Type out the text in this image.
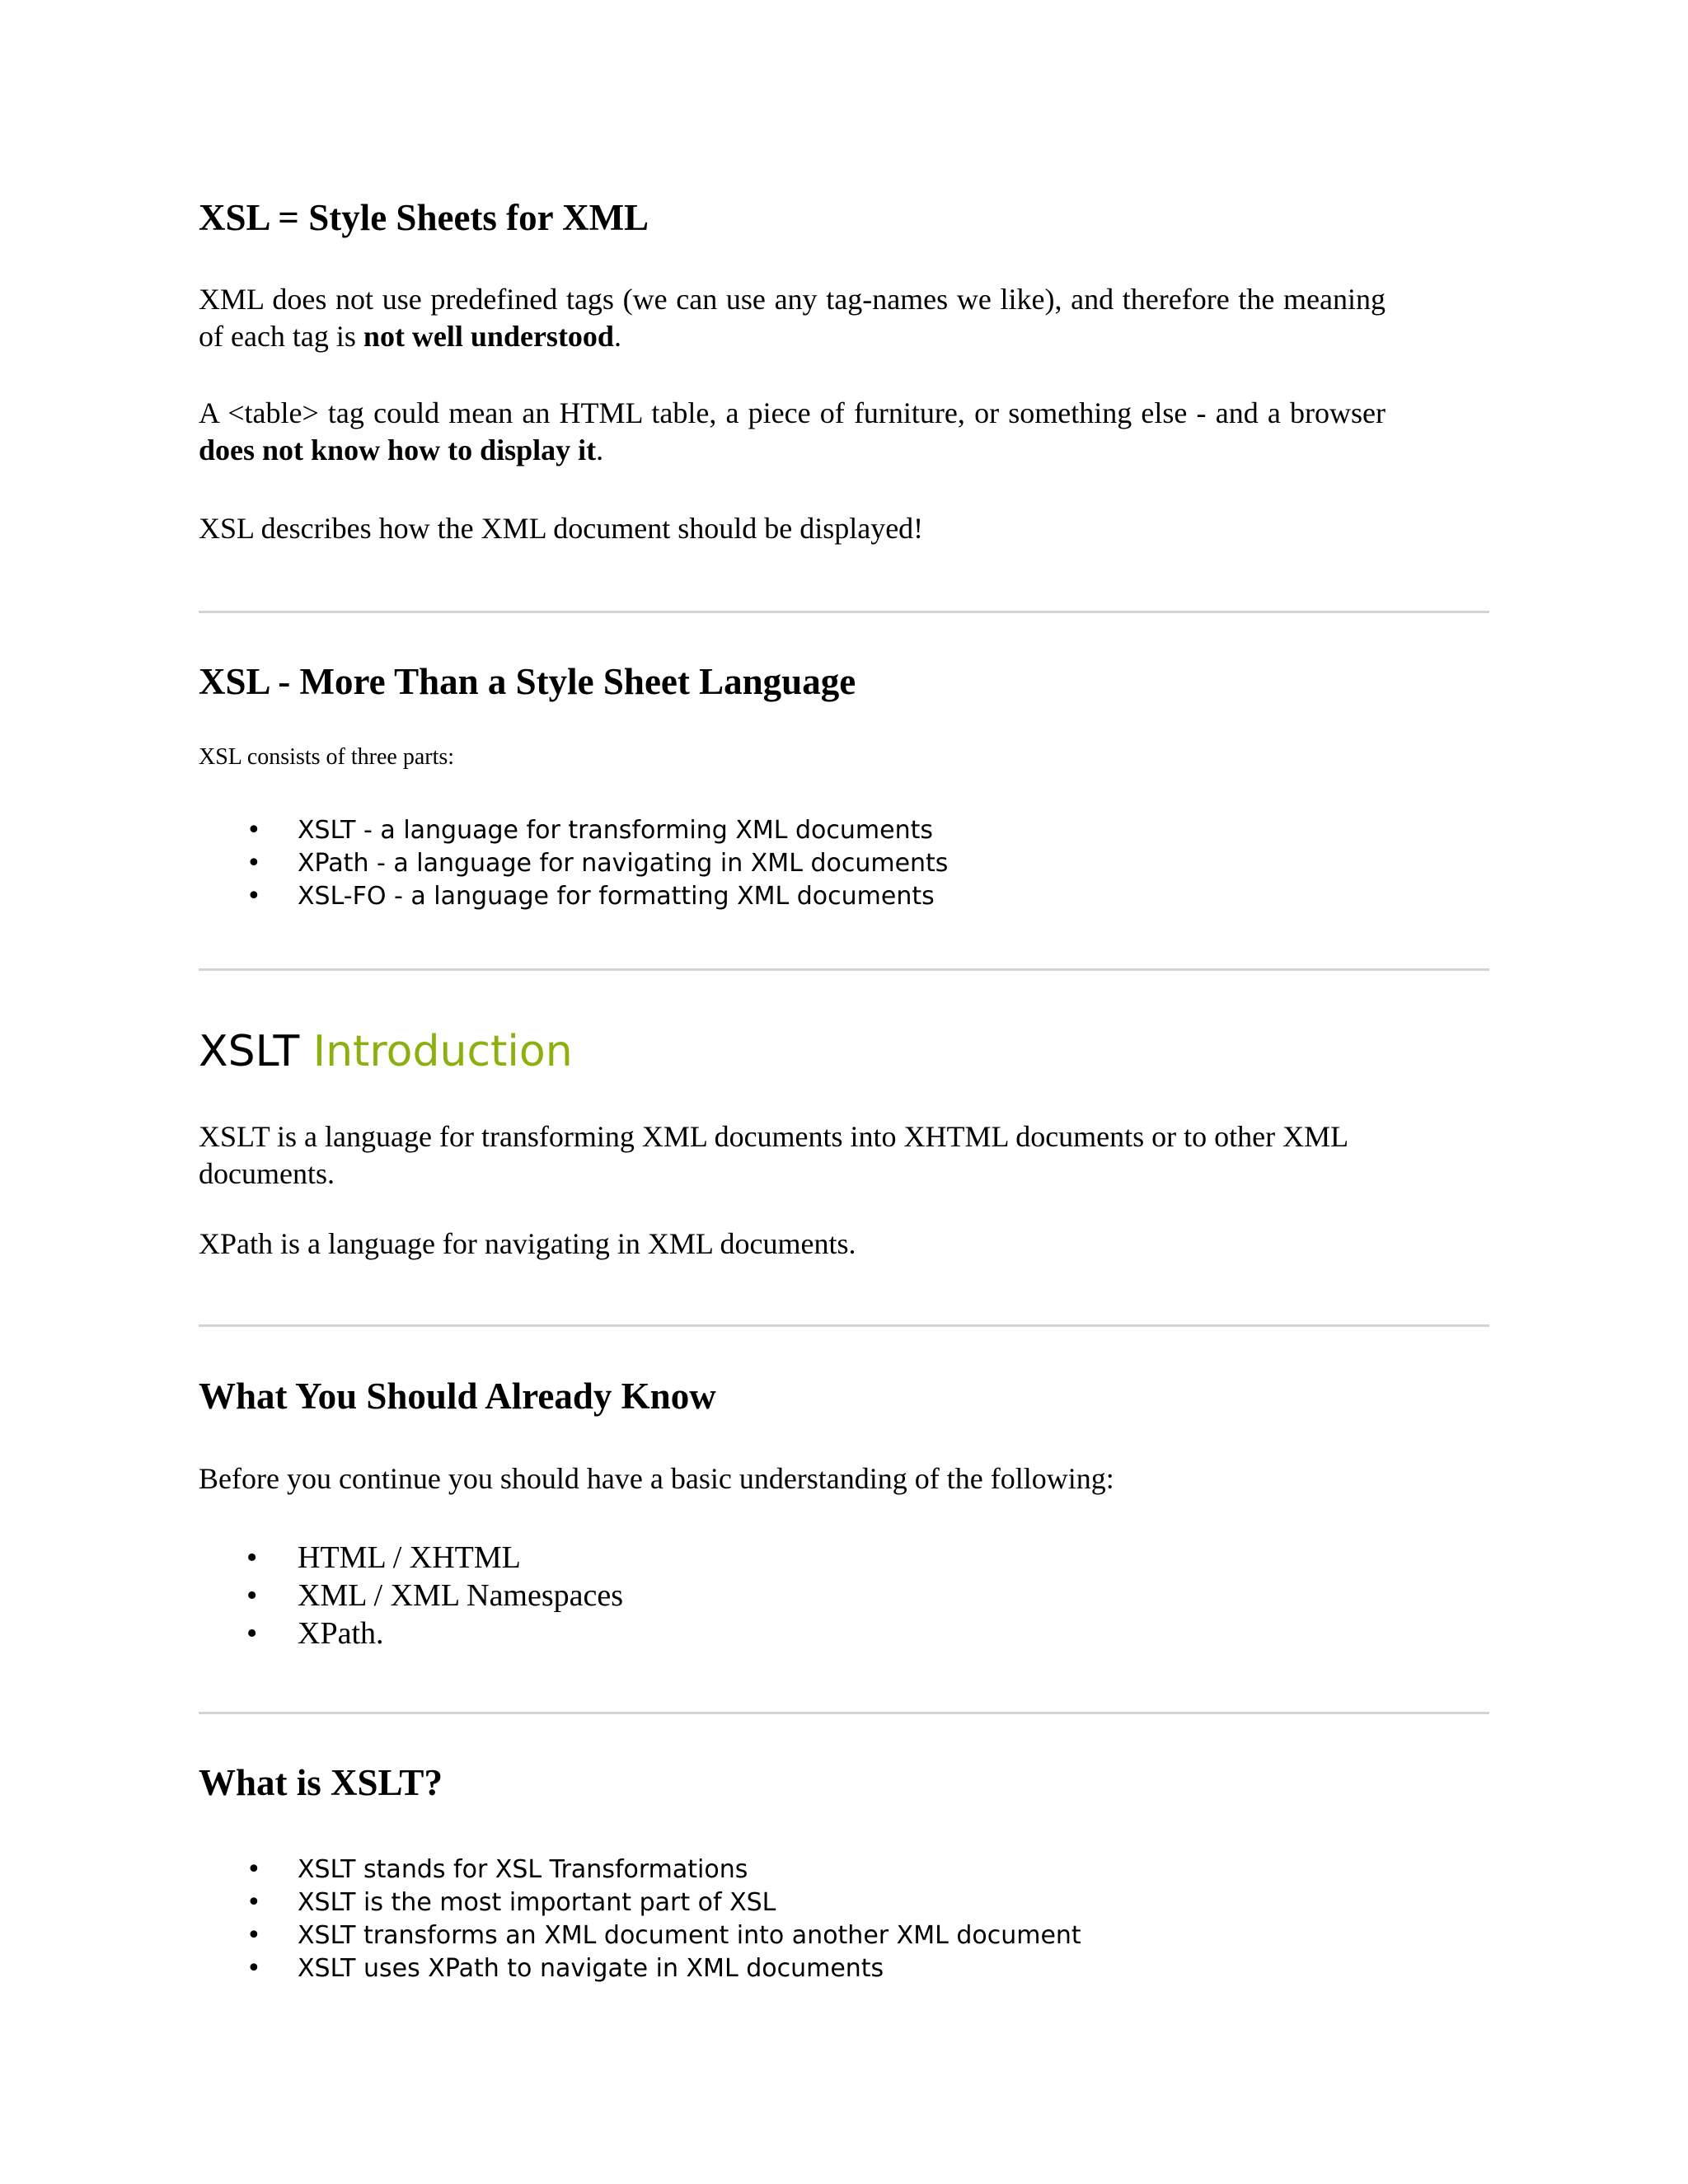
XSL = Style Sheets for XML

XML does not use predefined tags (we can use any tag-names we like), and therefore the meaning of each tag is not well understood.

A <table> tag could mean an HTML table, a piece of furniture, or something else - and a browser does not know how to display it.

XSL describes how the XML document should be displayed!

XSL - More Than a Style Sheet Language

XSL consists of three parts:

• XSLT - a language for transforming XML documents
• XPath - a language for navigating in XML documents
• XSL-FO - a language for formatting XML documents
XSLT Introduction

XSLT is a language for transforming XML documents into XHTML documents or to other XML documents.

XPath is a language for navigating in XML documents.

What You Should Already Know

Before you continue you should have a basic understanding of the following:

• HTML / XHTML
• XML / XML Namespaces
• XPath.
What is XSLT?
• XSLT stands for XSL Transformations
• XSLT is the most important part of XSL
• XSLT transforms an XML document into another XML document
• XSLT uses XPath to navigate in XML documents
